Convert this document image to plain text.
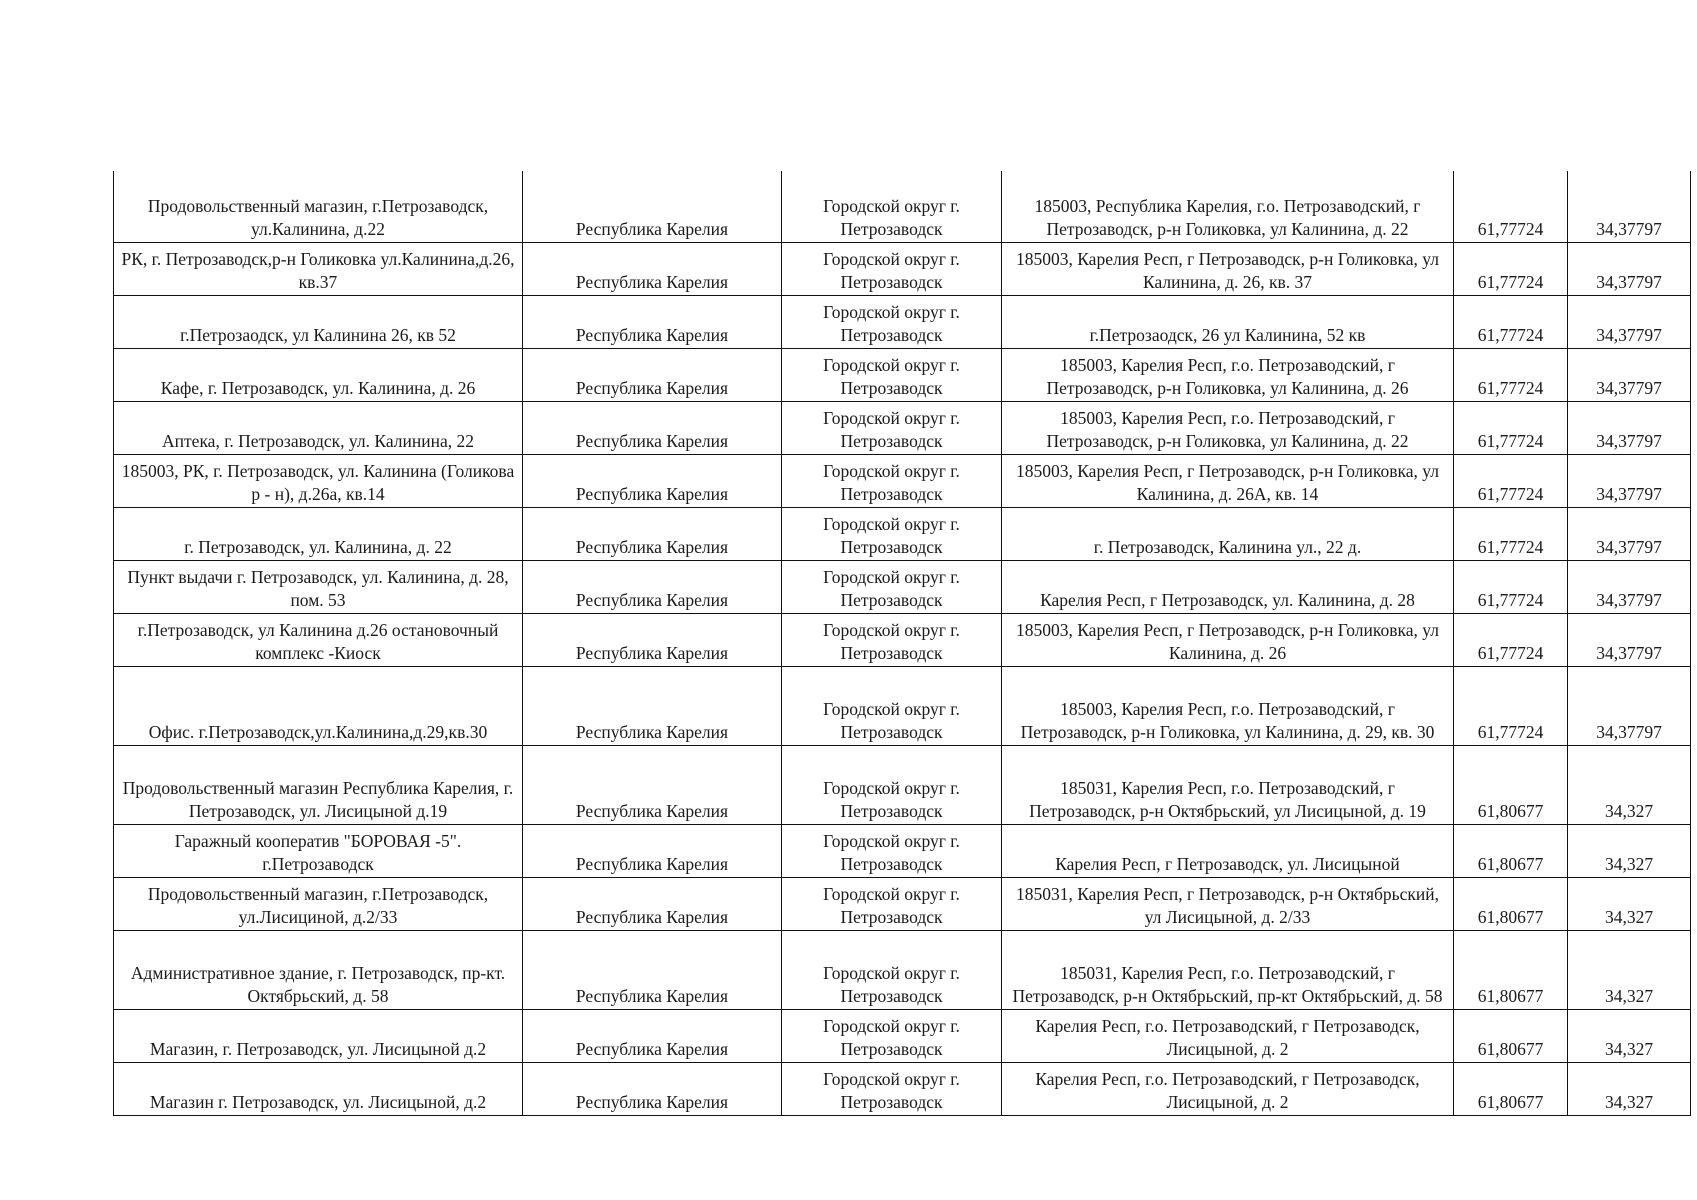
Продовольственный магазин, г.Петрозаводск, ул.Калинина, д.22	Республика Карелия	Городской округ г. Петрозаводск	185003, Республика Карелия, г.о. Петрозаводский, г Петрозаводск, р-н Голиковка, ул Калинина, д. 22	61,77724	34,37797
РК, г. Петрозаводск,р-н Голиковка ул.Калинина,д.26, кв.37	Республика Карелия	Городской округ г. Петрозаводск	185003, Карелия Респ, г Петрозаводск, р-н Голиковка, ул Калинина, д. 26, кв. 37	61,77724	34,37797
г.Петрозаодск, ул Калинина 26, кв 52	Республика Карелия	Городской округ г. Петрозаводск	г.Петрозаодск, 26 ул Калинина, 52 кв	61,77724	34,37797
Кафе, г. Петрозаводск, ул. Калинина, д. 26	Республика Карелия	Городской округ г. Петрозаводск	185003, Карелия Респ, г.о. Петрозаводский, г Петрозаводск, р-н Голиковка, ул Калинина, д. 26	61,77724	34,37797
Аптека, г. Петрозаводск, ул. Калинина, 22	Республика Карелия	Городской округ г. Петрозаводск	185003, Карелия Респ, г.о. Петрозаводский, г Петрозаводск, р-н Голиковка, ул Калинина, д. 22	61,77724	34,37797
185003, РК, г. Петрозаводск, ул. Калинина (Голикова р - н), д.26а, кв.14	Республика Карелия	Городской округ г. Петрозаводск	185003, Карелия Респ, г Петрозаводск, р-н Голиковка, ул Калинина, д. 26А, кв. 14	61,77724	34,37797
г. Петрозаводск, ул. Калинина, д. 22	Республика Карелия	Городской округ г. Петрозаводск	г. Петрозаводск, Калинина ул., 22 д.	61,77724	34,37797
Пункт выдачи г. Петрозаводск, ул. Калинина, д. 28, пом. 53	Республика Карелия	Городской округ г. Петрозаводск	Карелия Респ, г Петрозаводск, ул. Калинина, д. 28	61,77724	34,37797
г.Петрозаводск, ул Калинина д.26 остановочный комплекс -Киоск	Республика Карелия	Городской округ г. Петрозаводск	185003, Карелия Респ, г Петрозаводск, р-н Голиковка, ул Калинина, д. 26	61,77724	34,37797
Офис. г.Петрозаводск,ул.Калинина,д.29,кв.30	Республика Карелия	Городской округ г. Петрозаводск	185003, Карелия Респ, г.о. Петрозаводский, г Петрозаводск, р-н Голиковка, ул Калинина, д. 29, кв. 30	61,77724	34,37797
Продовольственный магазин Республика Карелия, г. Петрозаводск, ул. Лисицыной д.19	Республика Карелия	Городской округ г. Петрозаводск	185031, Карелия Респ, г.о. Петрозаводский, г Петрозаводск, р-н Октябрьский, ул Лисицыной, д. 19	61,80677	34,327
Гаражный кооператив "БОРОВАЯ -5". г.Петрозаводск	Республика Карелия	Городской округ г. Петрозаводск	Карелия Респ, г Петрозаводск, ул. Лисицыной	61,80677	34,327
Продовольственный магазин, г.Петрозаводск, ул.Лисициной, д.2/33	Республика Карелия	Городской округ г. Петрозаводск	185031, Карелия Респ, г Петрозаводск, р-н Октябрьский, ул Лисицыной, д. 2/33	61,80677	34,327
Административное здание, г. Петрозаводск, пр-кт. Октябрьский, д. 58	Республика Карелия	Городской округ г. Петрозаводск	185031, Карелия Респ, г.о. Петрозаводский, г Петрозаводск, р-н Октябрьский, пр-кт Октябрьский, д. 58	61,80677	34,327
Магазин, г. Петрозаводск, ул. Лисицыной д.2	Республика Карелия	Городской округ г. Петрозаводск	Карелия Респ, г.о. Петрозаводский, г Петрозаводск, Лисицыной, д. 2	61,80677	34,327
Магазин г. Петрозаводск, ул. Лисицыной, д.2	Республика Карелия	Городской округ г. Петрозаводск	Карелия Респ, г.о. Петрозаводский, г Петрозаводск, Лисицыной, д. 2	61,80677	34,327
